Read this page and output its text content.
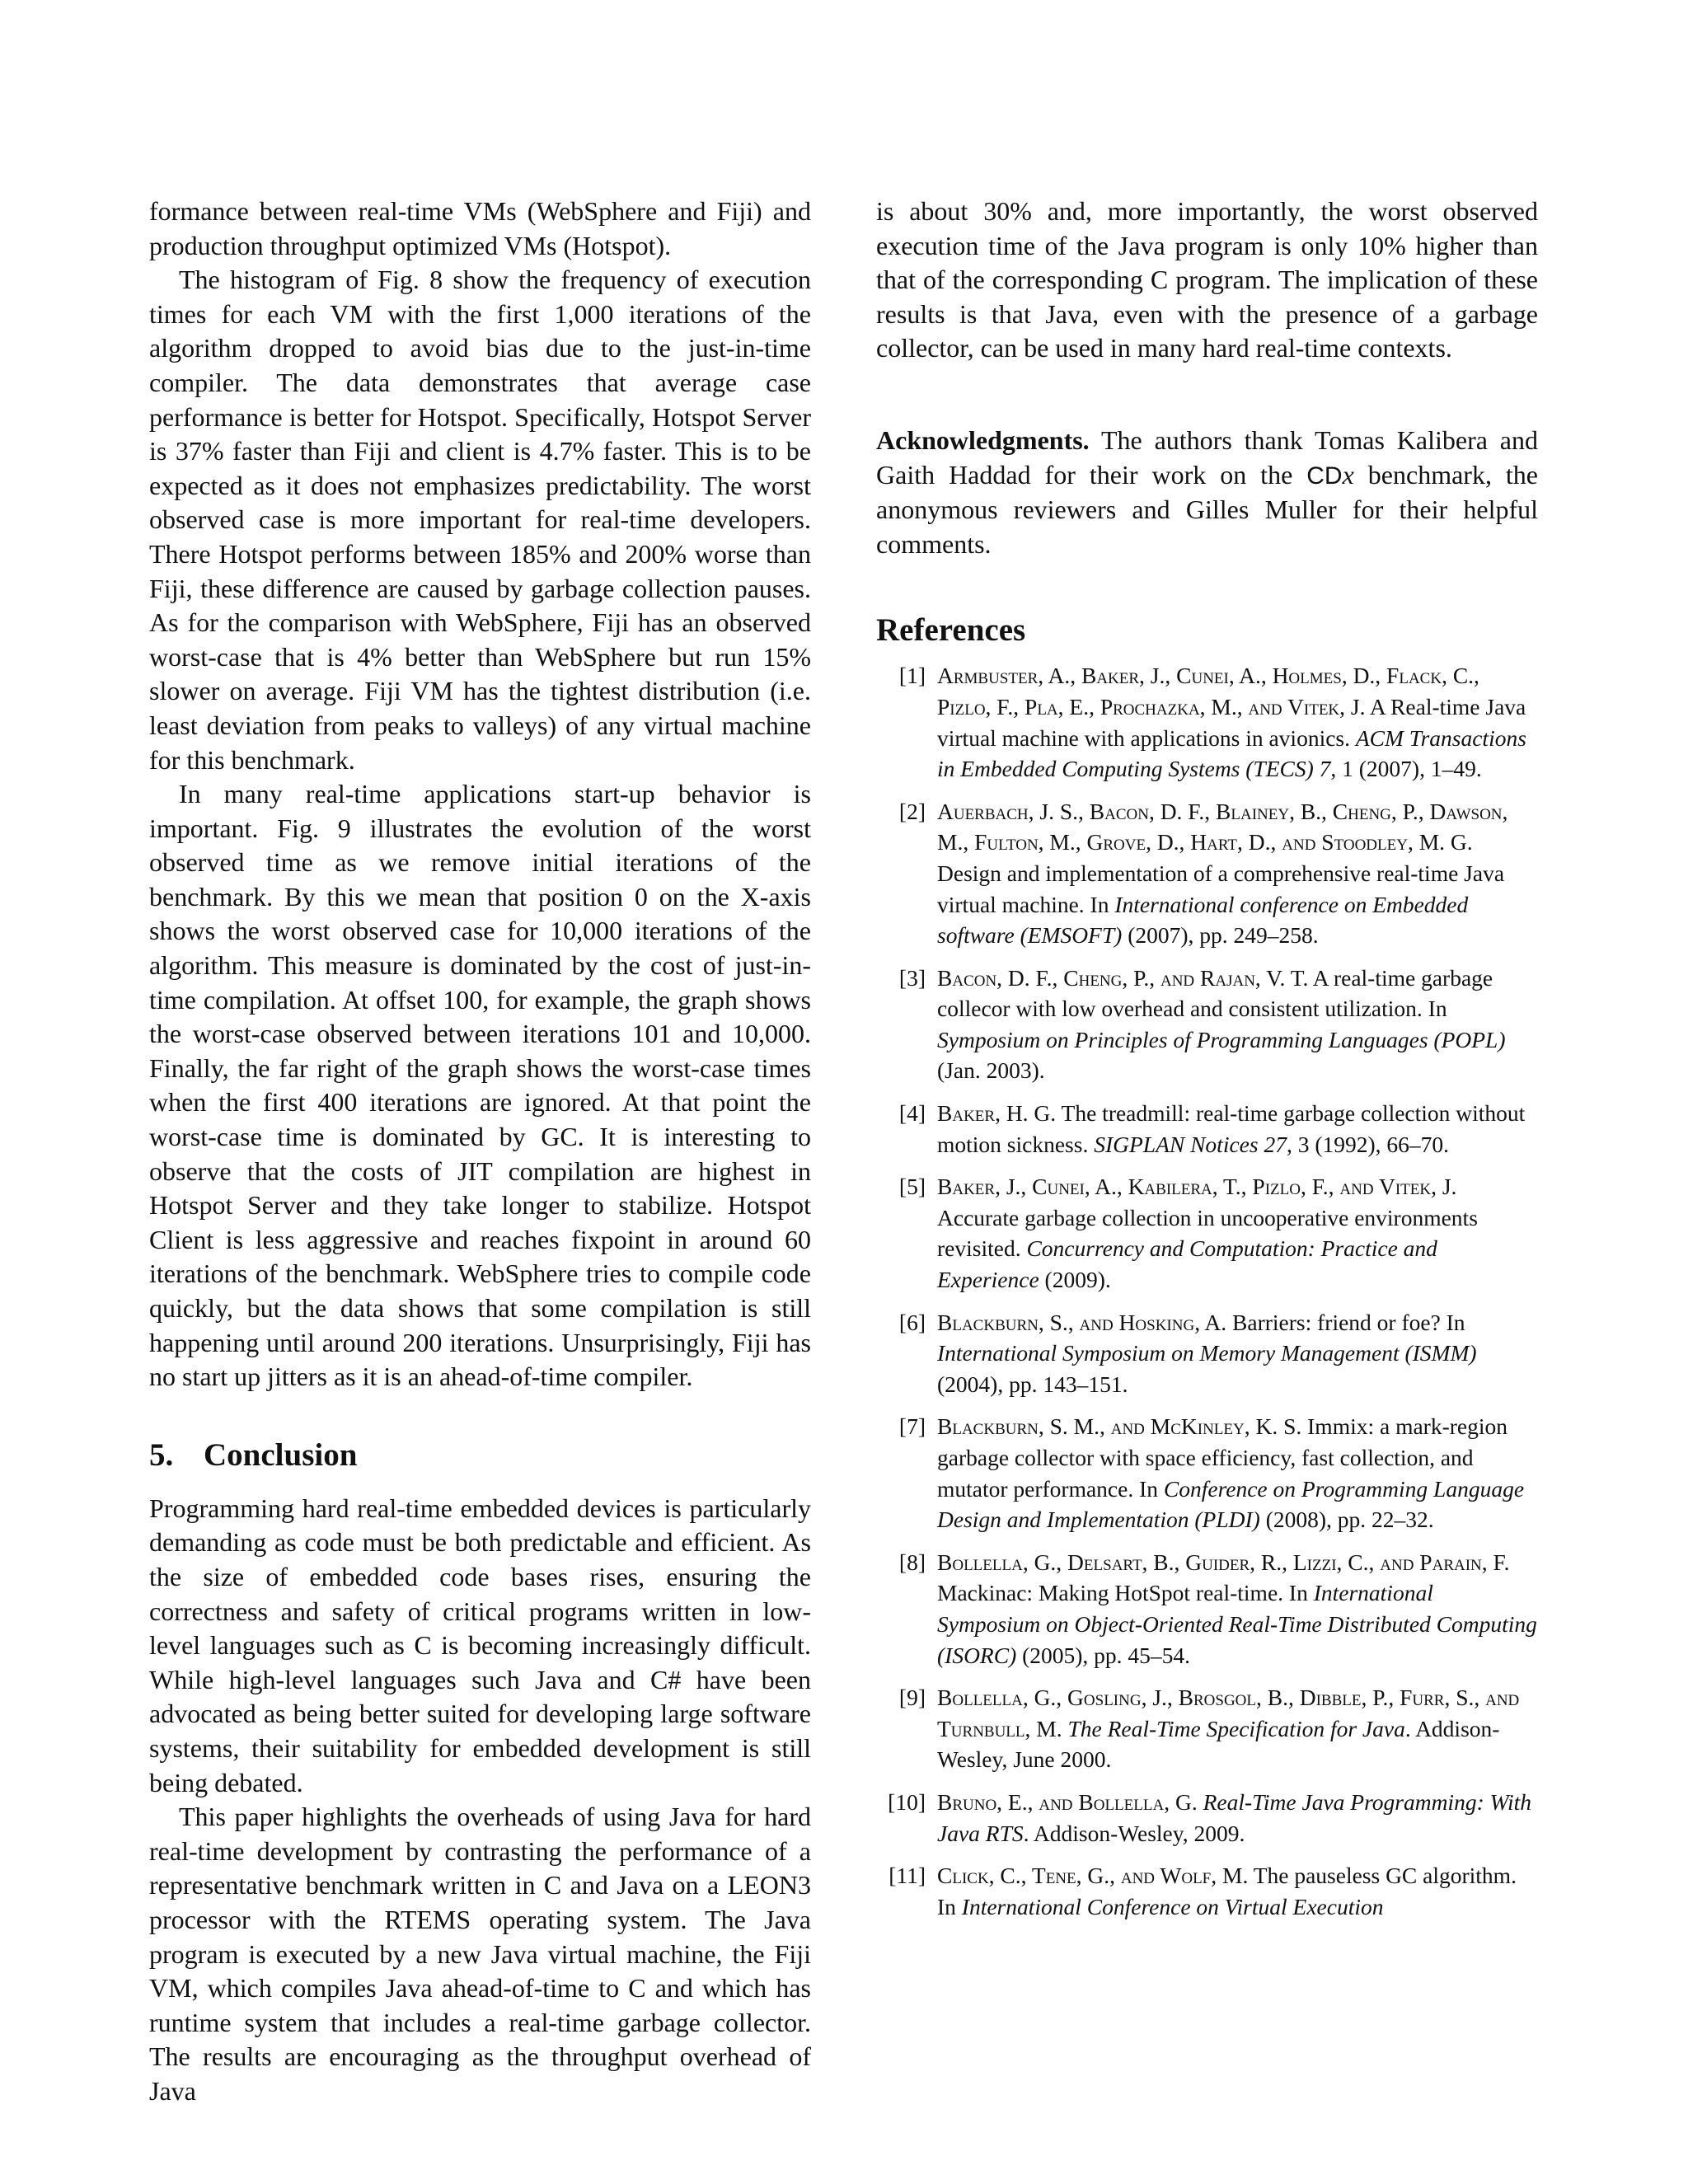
formance between real-time VMs (WebSphere and Fiji) and production throughput optimized VMs (Hotspot).

The histogram of Fig. 8 show the frequency of execution times for each VM with the first 1,000 iterations of the algorithm dropped to avoid bias due to the just-in-time compiler. The data demonstrates that average case performance is better for Hotspot. Specifically, Hotspot Server is 37% faster than Fiji and client is 4.7% faster. This is to be expected as it does not emphasizes predictability. The worst observed case is more important for real-time developers. There Hotspot performs between 185% and 200% worse than Fiji, these difference are caused by garbage collection pauses. As for the comparison with WebSphere, Fiji has an observed worst-case that is 4% better than WebSphere but run 15% slower on average. Fiji VM has the tightest distribution (i.e. least deviation from peaks to valleys) of any virtual machine for this benchmark.

In many real-time applications start-up behavior is important. Fig. 9 illustrates the evolution of the worst observed time as we remove initial iterations of the benchmark. By this we mean that position 0 on the X-axis shows the worst observed case for 10,000 iterations of the algorithm. This measure is dominated by the cost of just-in-time compilation. At offset 100, for example, the graph shows the worst-case observed between iterations 101 and 10,000. Finally, the far right of the graph shows the worst-case times when the first 400 iterations are ignored. At that point the worst-case time is dominated by GC. It is interesting to observe that the costs of JIT compilation are highest in Hotspot Server and they take longer to stabilize. Hotspot Client is less aggressive and reaches fixpoint in around 60 iterations of the benchmark. WebSphere tries to compile code quickly, but the data shows that some compilation is still happening until around 200 iterations. Unsurprisingly, Fiji has no start up jitters as it is an ahead-of-time compiler.

5. Conclusion

Programming hard real-time embedded devices is particularly demanding as code must be both predictable and efficient. As the size of embedded code bases rises, ensuring the correctness and safety of critical programs written in low-level languages such as C is becoming increasingly difficult. While high-level languages such Java and C# have been advocated as being better suited for developing large software systems, their suitability for embedded development is still being debated.

This paper highlights the overheads of using Java for hard real-time development by contrasting the performance of a representative benchmark written in C and Java on a LEON3 processor with the RTEMS operating system. The Java program is executed by a new Java virtual machine, the Fiji VM, which compiles Java ahead-of-time to C and which has runtime system that includes a real-time garbage collector. The results are encouraging as the throughput overhead of Java

is about 30% and, more importantly, the worst observed execution time of the Java program is only 10% higher than that of the corresponding C program. The implication of these results is that Java, even with the presence of a garbage collector, can be used in many hard real-time contexts.

Acknowledgments. The authors thank Tomas Kalibera and Gaith Haddad for their work on the CDx benchmark, the anonymous reviewers and Gilles Muller for their helpful comments.

References
[1] Armbuster, A., Baker, J., Cunei, A., Holmes, D., Flack, C., Pizlo, F., Pla, E., Prochazka, M., and Vitek, J. A Real-time Java virtual machine with applications in avionics. ACM Transactions in Embedded Computing Systems (TECS) 7, 1 (2007), 1–49.
[2] Auerbach, J. S., Bacon, D. F., Blainey, B., Cheng, P., Dawson, M., Fulton, M., Grove, D., Hart, D., and Stoodley, M. G. Design and implementation of a comprehensive real-time Java virtual machine. In International conference on Embedded software (EMSOFT) (2007), pp. 249–258.
[3] Bacon, D. F., Cheng, P., and Rajan, V. T. A real-time garbage collecor with low overhead and consistent utilization. In Symposium on Principles of Programming Languages (POPL) (Jan. 2003).
[4] Baker, H. G. The treadmill: real-time garbage collection without motion sickness. SIGPLAN Notices 27, 3 (1992), 66–70.
[5] Baker, J., Cunei, A., Kabilera, T., Pizlo, F., and Vitek, J. Accurate garbage collection in uncooperative environments revisited. Concurrency and Computation: Practice and Experience (2009).
[6] Blackburn, S., and Hosking, A. Barriers: friend or foe? In International Symposium on Memory Management (ISMM) (2004), pp. 143–151.
[7] Blackburn, S. M., and McKinley, K. S. Immix: a mark-region garbage collector with space efficiency, fast collection, and mutator performance. In Conference on Programming Language Design and Implementation (PLDI) (2008), pp. 22–32.
[8] Bollella, G., Delsart, B., Guider, R., Lizzi, C., and Parain, F. Mackinac: Making HotSpot real-time. In International Symposium on Object-Oriented Real-Time Distributed Computing (ISORC) (2005), pp. 45–54.
[9] Bollella, G., Gosling, J., Brosgol, B., Dibble, P., Furr, S., and Turnbull, M. The Real-Time Specification for Java. Addison-Wesley, June 2000.
[10] Bruno, E., and Bollella, G. Real-Time Java Programming: With Java RTS. Addison-Wesley, 2009.
[11] Click, C., Tene, G., and Wolf, M. The pauseless GC algorithm. In International Conference on Virtual Execution
